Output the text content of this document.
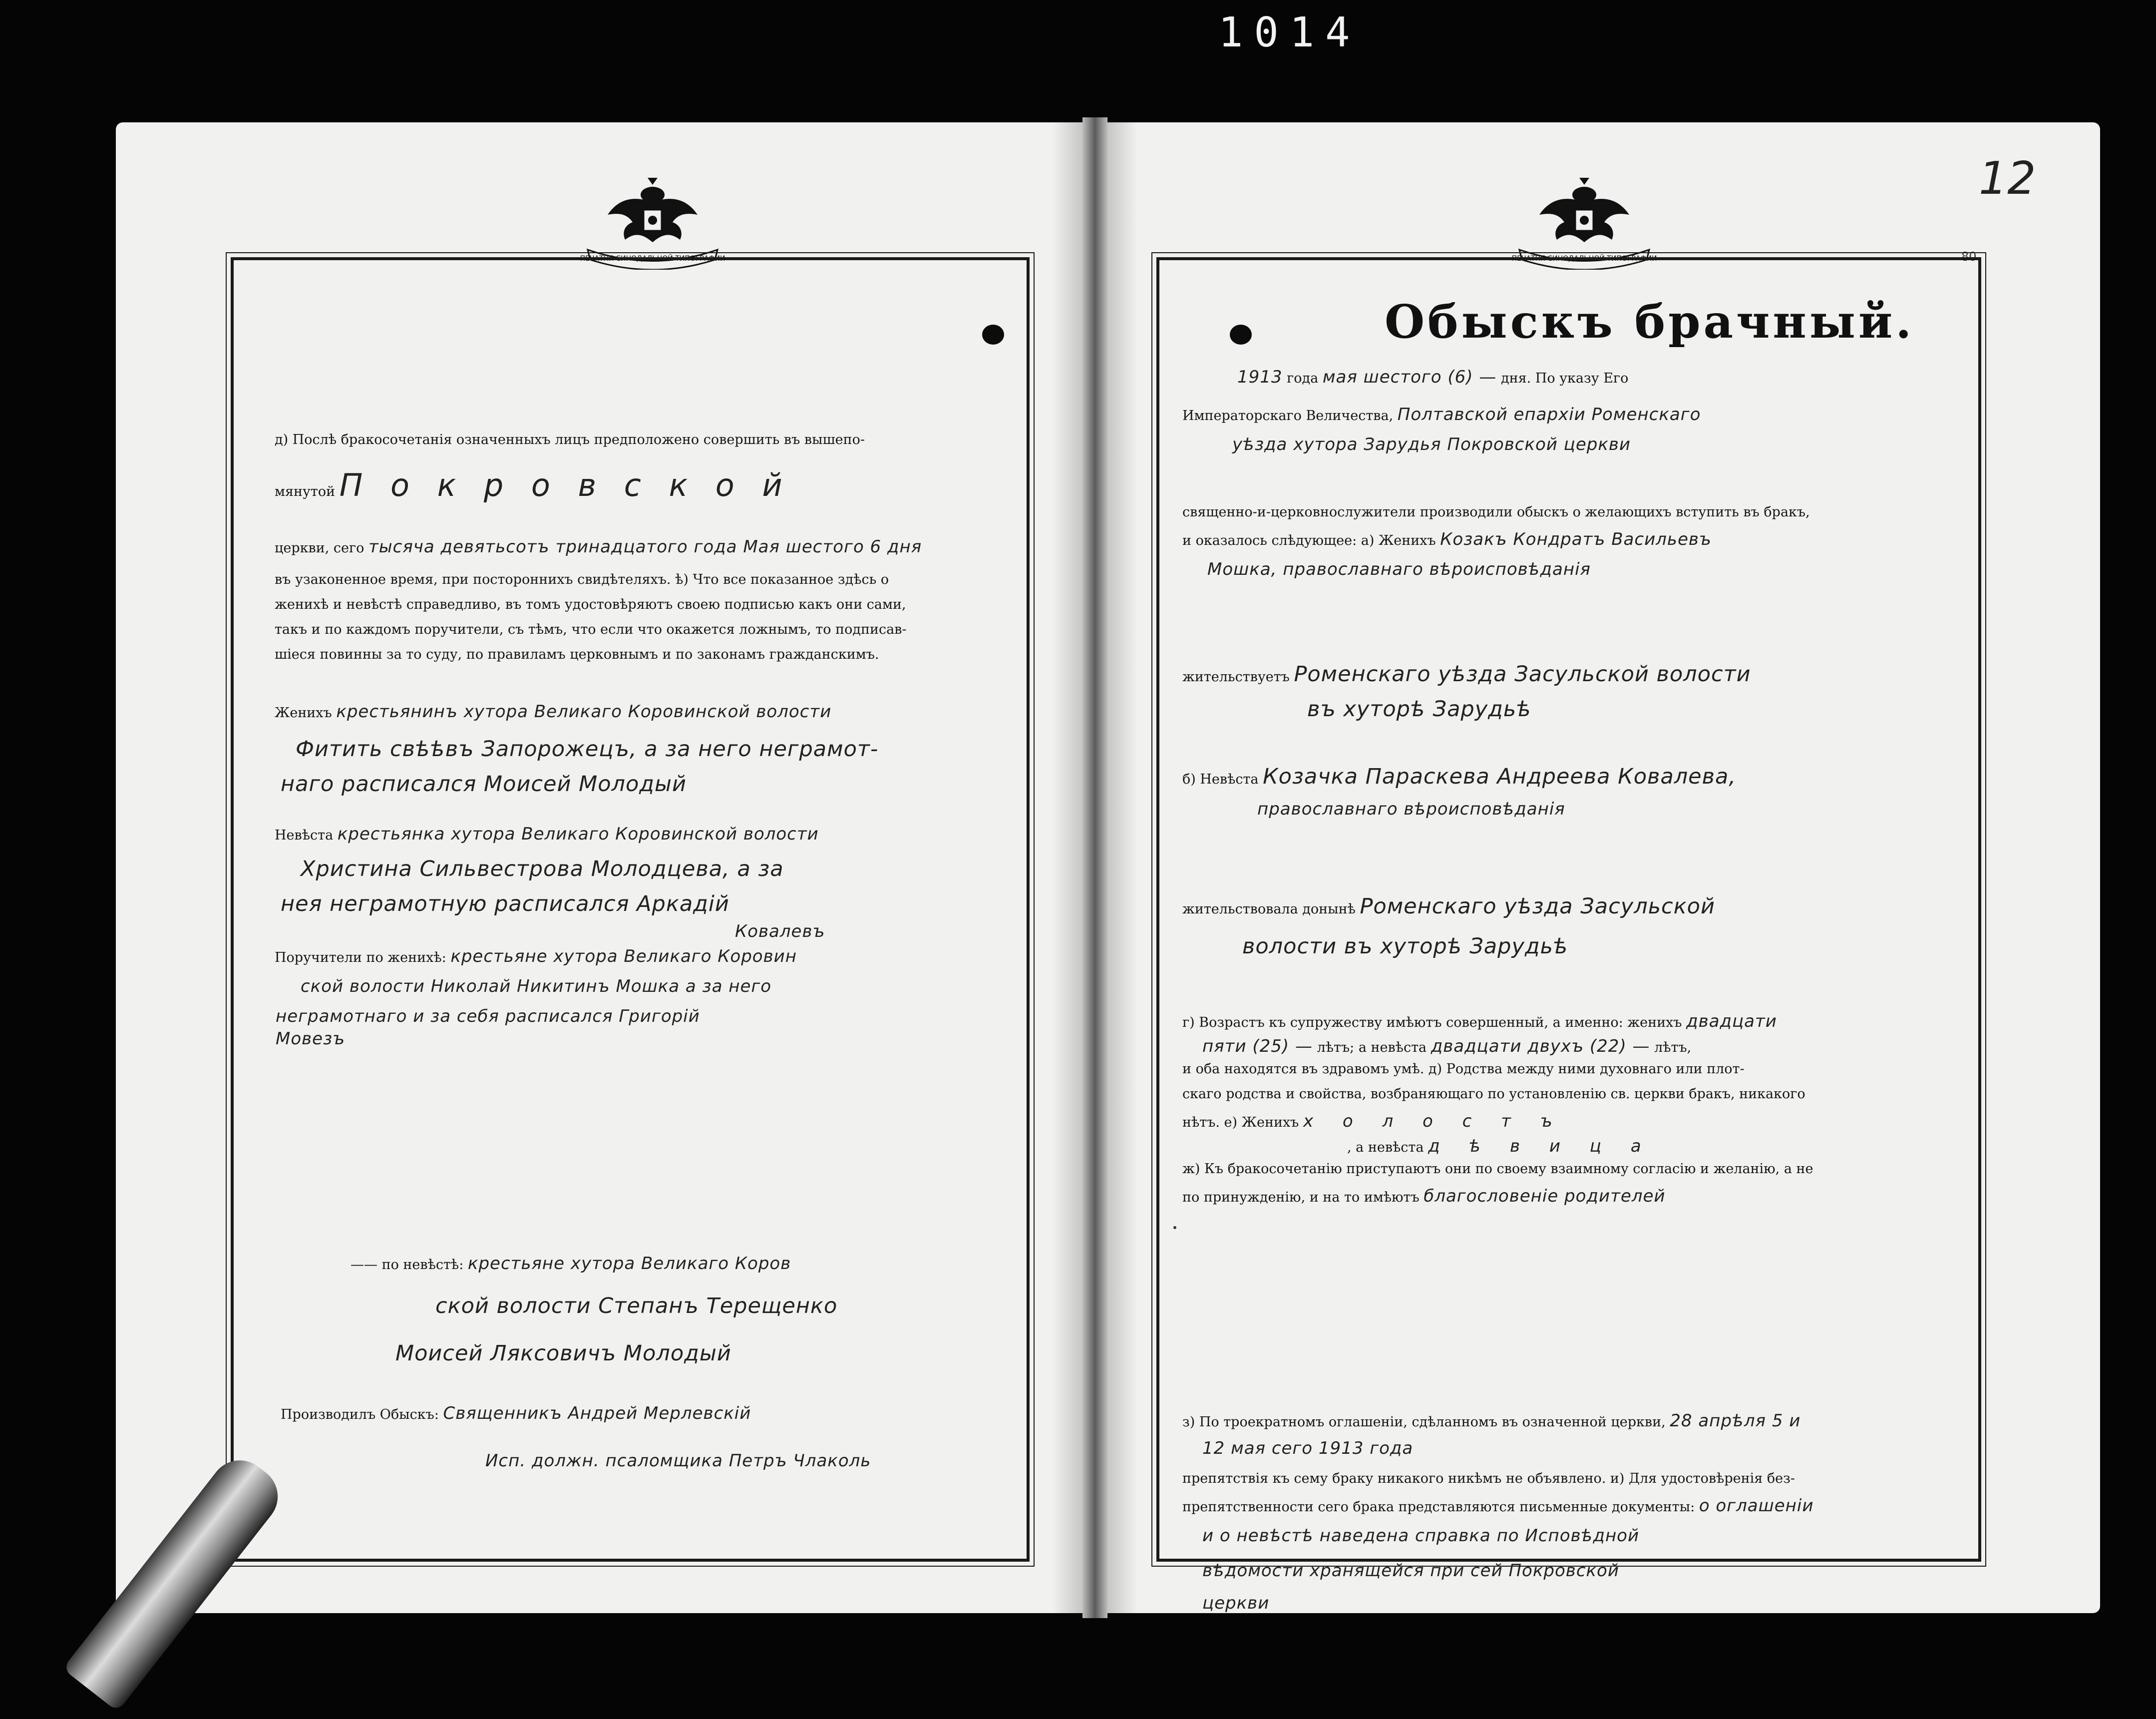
1014
ПЕЧАТНЯ СИНОДАЛЬНОЙ ТИПОГРАФИИ
д) Послѣ бракосочетанія означенныхъ лицъ предположено совершить въ вышепо-
мянутой П о к р о в с к о й
церкви, сего тысяча девятьсотъ тринадцатого года Мая шестого 6 дня
въ узаконенное время, при постороннихъ свидѣтеляхъ. ѣ) Что все показанное здѣсь о
женихѣ и невѣстѣ справедливо, въ томъ удостовѣряютъ своею подписью какъ они сами,
такъ и по каждомъ поручители, съ тѣмъ, что если что окажется ложнымъ, то подписав-
шіеся повинны за то суду, по правиламъ церковнымъ и по законамъ гражданскимъ.
Женихъ крестьянинъ хутора Великаго Коровинской волости
Фитить свѣѣвъ Запорожецъ, а за него неграмот-
наго расписался Моисей Молодый
Невѣста крестьянка хутора Великаго Коровинской волости
Христина Сильвестрова Молодцева, а за
нея неграмотную расписался Аркадій
Ковалевъ
Поручители по женихѣ: крестьяне хутора Великаго Коровин
ской волости Николай Никитинъ Мошка а за него
неграмотнаго и за себя расписался Григорій
Мовезъ
—— по невѣстѣ: крестьяне хутора Великаго Коров
ской волости Степанъ Терещенко
Моисей Ляксовичъ Молодый
Производилъ Обыскъ: Священникъ Андрей Мерлевскій
Исп. должн. псаломщика Петръ Члаколь
ПЕЧАТНЯ СИНОДАЛЬНОЙ ТИПОГРАФИИ
12
80
Обыскъ брачный.
1913 года мая шестого (6) — дня. По указу Его
Императорскаго Величества, Полтавской епархіи Роменскаго
уѣзда хутора Зарудья Покровской церкви
священно-и-церковнослужители производили обыскъ о желающихъ вступить въ бракъ,
и оказалось слѣдующее: а) Женихъ Козакъ Кондратъ Васильевъ
Мошка, православнаго вѣроисповѣданія
жительствуетъ Роменскаго уѣзда Засульской волости
въ хуторѣ Зарудьѣ
б) Невѣста Козачка Параскева Андреева Ковалева,
православнаго вѣроисповѣданія
жительствовала донынѣ Роменскаго уѣзда Засульской
волости въ хуторѣ Зарудьѣ
г) Возрастъ къ супружеству имѣютъ совершенный, а именно: женихъ двадцати
пяти (25) — лѣтъ; а невѣста двадцати двухъ (22) — лѣтъ,
и оба находятся въ здравомъ умѣ. д) Родства между ними духовнаго или плот-
скаго родства и свойства, возбраняющаго по установленію св. церкви бракъ, никакого
нѣтъ. е) Женихъ х о л о с т ъ
, а невѣста д ѣ в и ц а
ж) Къ бракосочетанію приступаютъ они по своему взаимному согласію и желанію, а не
по принужденію, и на то имѣютъ благословеніе родителей
з) По троекратномъ оглашеніи, сдѣланномъ въ означенной церкви, 28 апрѣля 5 и
12 мая сего 1913 года
препятствія къ сему браку никакого никѣмъ не объявлено. и) Для удостовѣренія без-
препятственности сего брака представляются письменные документы: о оглашеніи
и о невѣстѣ наведена справка по Исповѣдной
вѣдомости хранящейся при сей Покровской
церкви
